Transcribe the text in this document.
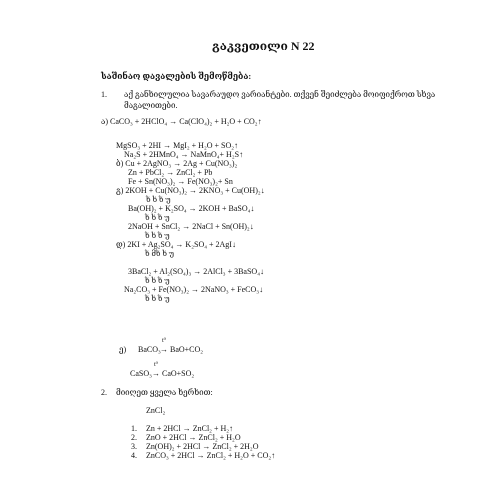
გაკვეთილი N 22
საშინაო დავალების შემოწმება:
1. აქ განხილულია სავარაუდო ვარიანტები. თქვენ შეიძლება მოიფიქროთ სხვა
მაგალითები.
ა) CaCO₃ + 2HClO₄ → Ca(ClO₄)₂ + H₂O + CO₂↑
MgSO₃ + 2HI → MgI₂ + H₂O + SO₂↑
Na₂S + 2HMnO₄ → NaMnO₄+ H₂S↑
ბ) Cu + 2AgNO₃ → 2Ag + Cu(NO₃)₂
Zn + PbCl₂ → ZnCl₂ + Pb
Fe + Sn(NO₃)₂ → Fe(NO₃)₂+ Sn
გ) 2KOH + Cu(NO₃)₂ → 2KNO₃ + Cu(OH)₂↓
ხ ხ ხ უ
Ba(OH)₂ + K₂SO₄ → 2KOH + BaSO₄↓
ხ ხ ხ უ
2NaOH + SnCl₂ → 2NaCl + Sn(OH)₂↓
ხ ხ ხ უ
დ) 2KI + Ag₂SO₄ → K₂SO₄ + 2AgI↓
ხ მხ ხ უ
3BaCl₂ + Al₂(SO₄)₃ → 2AlCl₃ + 3BaSO₄↓
ხ ხ ხ უ
Na₂CO₃ + Fe(NO₃)₂ → 2NaNO₃ + FeCO₃↓
ხ ხ ხ უ
ე) BaCO₃
t⁰
→ BaO+CO₂
CaSO₃
t⁰
→ CaO+SO₂
2. მიიღეთ ყველა ხერხით:
ZnCl₂
1. Zn + 2HCl → ZnCl₂ + H₂↑
2. ZnO + 2HCl → ZnCl₂ + H₂O
3. Zn(OH)₂ + 2HCl → ZnCl₂ + 2H₂O
4. ZnCO₃ + 2HCl → ZnCl₂ + H₂O + CO₂↑
